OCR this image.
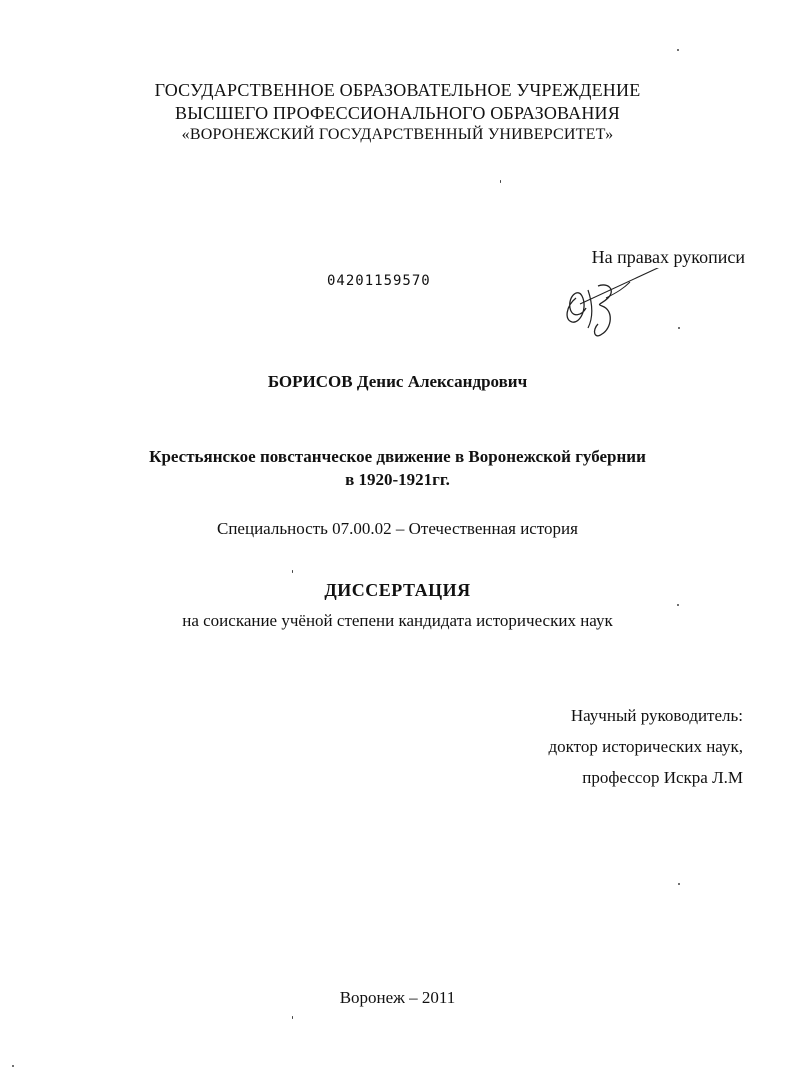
ГОСУДАРСТВЕННОЕ ОБРАЗОВАТЕЛЬНОЕ УЧРЕЖДЕНИЕ
ВЫСШЕГО ПРОФЕССИОНАЛЬНОГО ОБРАЗОВАНИЯ
«ВОРОНЕЖСКИЙ ГОСУДАРСТВЕННЫЙ УНИВЕРСИТЕТ»
На правах рукописи
04201159570
БОРИСОВ Денис Александрович
Крестьянское повстанческое движение в Воронежской губернии
в 1920-1921гг.
Специальность 07.00.02 – Отечественная история
ДИССЕРТАЦИЯ
на соискание учёной степени кандидата исторических наук
Научный руководитель:
доктор исторических наук,
профессор Искра Л.М
Воронеж – 2011
